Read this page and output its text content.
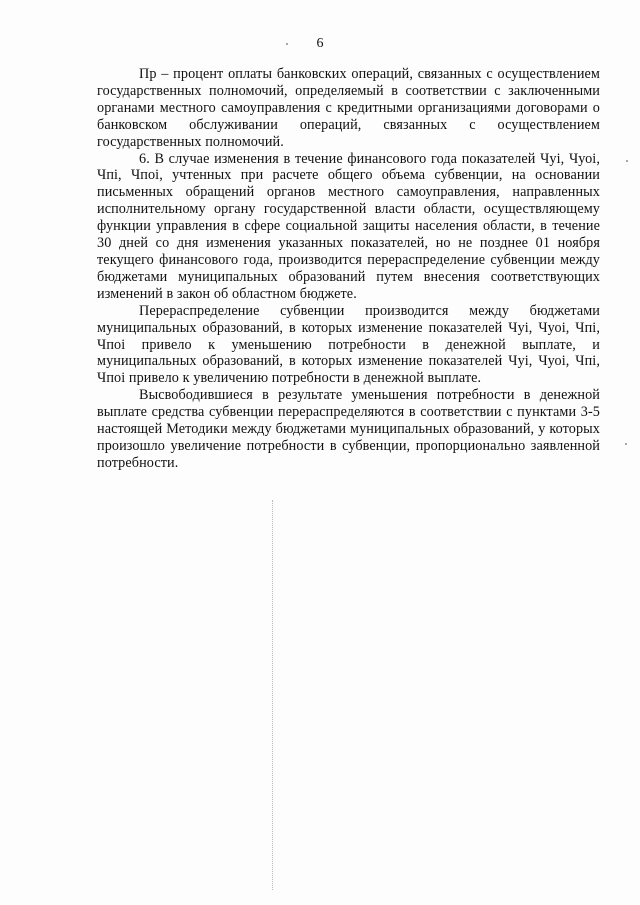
6

Пр – процент оплаты банковских операций, связанных с осуществлением государственных полномочий, определяемый в соответствии с заключенными органами местного самоуправления с кредитными организациями договорами о банковском обслуживании операций, связанных с осуществлением государственных полномочий.

6. В случае изменения в течение финансового года показателей Чуі, Чуоі, Чпі, Чпоі, учтенных при расчете общего объема субвенции, на основании письменных обращений органов местного самоуправления, направленных исполнительному органу государственной власти области, осуществляющему функции управления в сфере социальной защиты населения области, в течение 30 дней со дня изменения указанных показателей, но не позднее 01 ноября текущего финансового года, производится перераспределение субвенции между бюджетами муниципальных образований путем внесения соответствующих изменений в закон об областном бюджете.

Перераспределение субвенции производится между бюджетами муниципальных образований, в которых изменение показателей Чуі, Чуоі, Чпі, Чпоі привело к уменьшению потребности в денежной выплате, и муниципальных образований, в которых изменение показателей Чуі, Чуоі, Чпі, Чпоі привело к увеличению потребности в денежной выплате.

Высвободившиеся в результате уменьшения потребности в денежной выплате средства субвенции перераспределяются в соответствии с пунктами 3-5 настоящей Методики между бюджетами муниципальных образований, у которых произошло увеличение потребности в субвенции, пропорционально заявленной потребности.
